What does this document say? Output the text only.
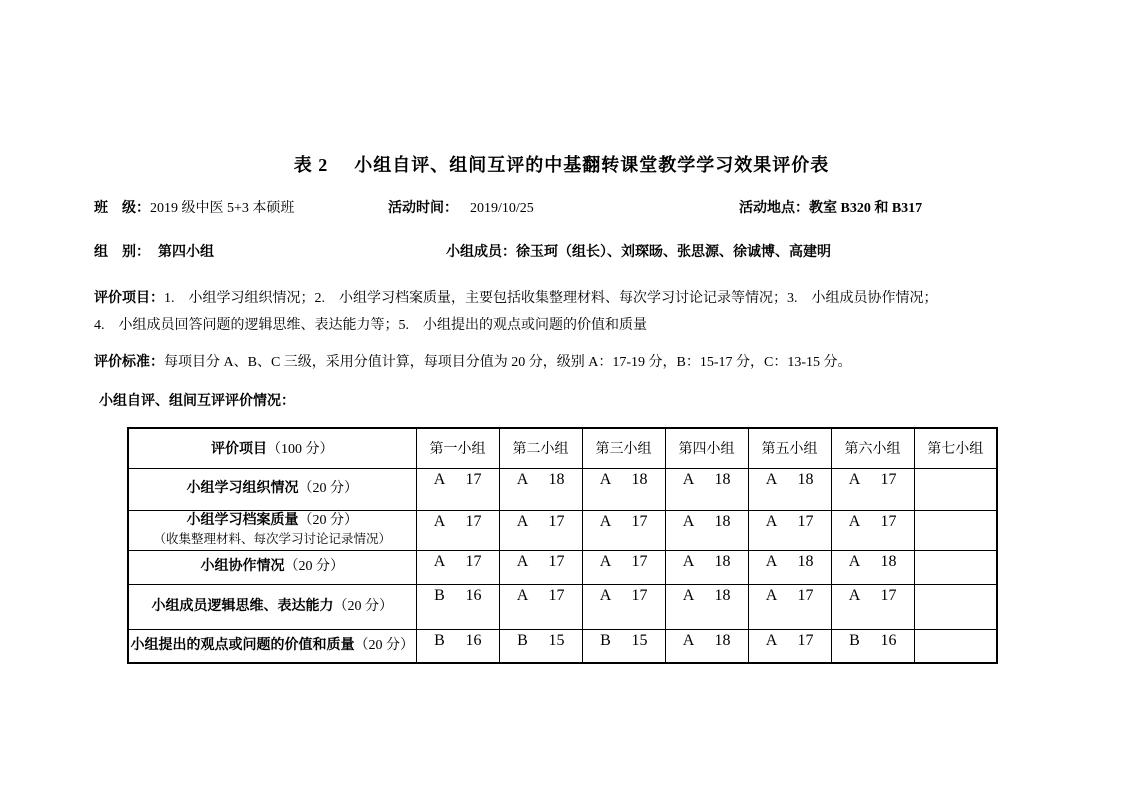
表 2 小组自评、组间互评的中基翻转课堂教学学习效果评价表
班　级：2019 级中医 5+3 本硕班	活动时间： 2019/10/25	活动地点：教室 B320 和 B317
组　别： 第四小组	小组成员：徐玉珂（组长）、刘琛旸、张思源、徐诚博、高建明
评价项目：1.　小组学习组织情况；2.　小组学习档案质量，主要包括收集整理材料、每次学习讨论记录等情况；3.　小组成员协作情况；
4.　小组成员回答问题的逻辑思维、表达能力等；5.　小组提出的观点或问题的价值和质量
评价标准：每项目分 A、B、C 三级，采用分值计算，每项目分值为 20 分，级别 A：17-19 分，B：15-17 分，C：13-15 分。
小组自评、组间互评评价情况：
评价项目（100 分）	第一小组	第二小组	第三小组	第四小组	第五小组	第六小组	第七小组
小组学习组织情况（20 分）	A 17	A 18	A 18	A 18	A 18	A 17	
小组学习档案质量（20 分）
（收集整理材料、每次学习讨论记录情况）	A 17	A 17	A 17	A 18	A 17	A 17	
小组协作情况（20 分）	A 17	A 17	A 17	A 18	A 18	A 18	
小组成员逻辑思维、表达能力（20 分）	B 16	A 17	A 17	A 18	A 17	A 17	
小组提出的观点或问题的价值和质量（20 分）	B 16	B 15	B 15	A 18	A 17	B 16	
